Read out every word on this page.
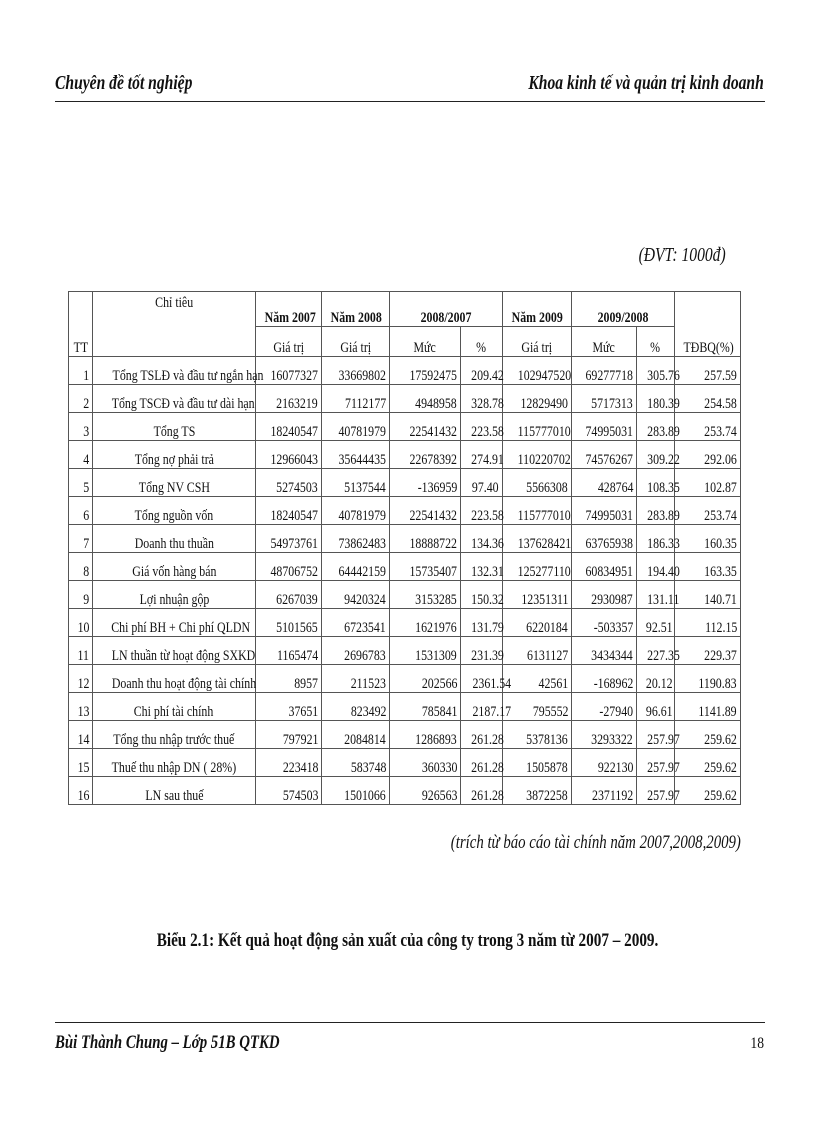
Chuyên đề tốt nghiệp	Khoa kinh tế và quản trị kinh doanh
(ĐVT: 1000đ)
TT	Chỉ tiêu	Năm 2007	Năm 2008	2008/2007		Năm 2009	2009/2008		TĐBQ(%)
		Giá trị	Giá trị	Mức	%	Giá trị	Mức	%	
1	Tổng TSLĐ và đầu tư ngắn hạn	16077327	33669802	17592475	209.42	102947520	69277718	305.76	257.59
2	Tổng TSCĐ và đầu tư dài hạn	2163219	7112177	4948958	328.78	12829490	5717313	180.39	254.58
3	Tổng TS	18240547	40781979	22541432	223.58	115777010	74995031	283.89	253.74
4	Tổng nợ phải trả	12966043	35644435	22678392	274.91	110220702	74576267	309.22	292.06
5	Tổng NV CSH	5274503	5137544	-136959	97.40	5566308	428764	108.35	102.87
6	Tổng nguồn vốn	18240547	40781979	22541432	223.58	115777010	74995031	283.89	253.74
7	Doanh thu thuần	54973761	73862483	18888722	134.36	137628421	63765938	186.33	160.35
8	Giá vốn hàng bán	48706752	64442159	15735407	132.31	125277110	60834951	194.40	163.35
9	Lợi nhuận gộp	6267039	9420324	3153285	150.32	12351311	2930987	131.11	140.71
10	Chi phí BH + Chi phí QLDN	5101565	6723541	1621976	131.79	6220184	-503357	92.51	112.15
11	LN thuần từ hoạt động SXKD	1165474	2696783	1531309	231.39	6131127	3434344	227.35	229.37
12	Doanh thu hoạt động tài chính	8957	211523	202566	2361.54	42561	-168962	20.12	1190.83
13	Chi phí tài chính	37651	823492	785841	2187.17	795552	-27940	96.61	1141.89
14	Tổng thu nhập trước thuế	797921	2084814	1286893	261.28	5378136	3293322	257.97	259.62
15	Thuế thu nhập DN ( 28%)	223418	583748	360330	261.28	1505878	922130	257.97	259.62
16	LN sau thuế	574503	1501066	926563	261.28	3872258	2371192	257.97	259.62
(trích từ báo cáo tài chính năm 2007,2008,2009)
Biểu 2.1: Kết quả hoạt động sản xuất của công ty trong 3 năm từ 2007 – 2009.
Bùi Thành Chung – Lớp 51B QTKD	18
